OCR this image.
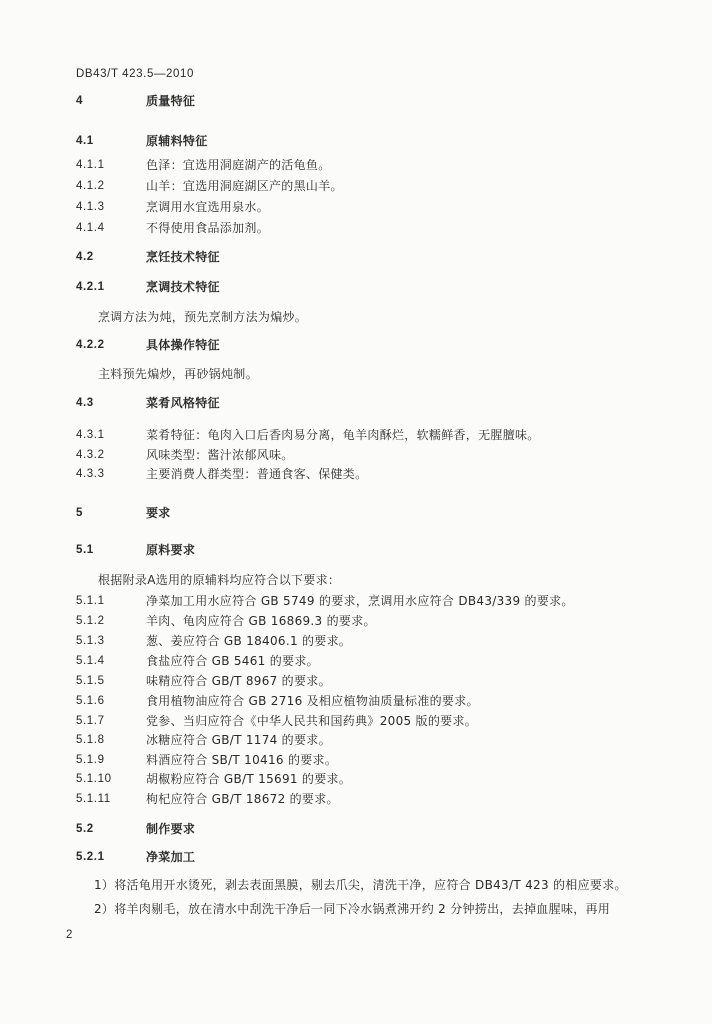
DB43/T 423.5—2010
4	质量特征
4.1	原辅料特征
4.1.1	色泽：宜选用洞庭湖产的活龟鱼。
4.1.2	山羊：宜选用洞庭湖区产的黑山羊。
4.1.3	烹调用水宜选用泉水。
4.1.4	不得使用食品添加剂。
4.2	烹饪技术特征
4.2.1	烹调技术特征
烹调方法为炖，预先烹制方法为煸炒。
4.2.2	具体操作特征
主料预先煸炒，再砂锅炖制。
4.3	菜肴风格特征
4.3.1	菜肴特征：龟肉入口后香肉易分离，龟羊肉酥烂，软糯鲜香，无腥膻味。
4.3.2	风味类型：酱汁浓郁风味。
4.3.3	主要消费人群类型：普通食客、保健类。
5	要求
5.1	原料要求
根据附录A选用的原辅料均应符合以下要求：
5.1.1	净菜加工用水应符合 GB 5749 的要求，烹调用水应符合 DB43/339 的要求。
5.1.2	羊肉、龟肉应符合 GB 16869.3 的要求。
5.1.3	葱、姜应符合 GB 18406.1 的要求。
5.1.4	食盐应符合 GB 5461 的要求。
5.1.5	味精应符合 GB/T 8967 的要求。
5.1.6	食用植物油应符合 GB 2716 及相应植物油质量标准的要求。
5.1.7	党参、当归应符合《中华人民共和国药典》2005 版的要求。
5.1.8	冰糖应符合 GB/T 1174 的要求。
5.1.9	料酒应符合 SB/T 10416 的要求。
5.1.10	胡椒粉应符合 GB/T 15691 的要求。
5.1.11	枸杞应符合 GB/T 18672 的要求。
5.2	制作要求
5.2.1	净菜加工
1）将活龟用开水烫死，剥去表面黑膜，剔去爪尖，清洗干净，应符合 DB43/T 423 的相应要求。
2）将羊肉剔毛，放在清水中刮洗干净后一同下冷水锅煮沸开约 2 分钟捞出，去掉血腥味，再用
2
